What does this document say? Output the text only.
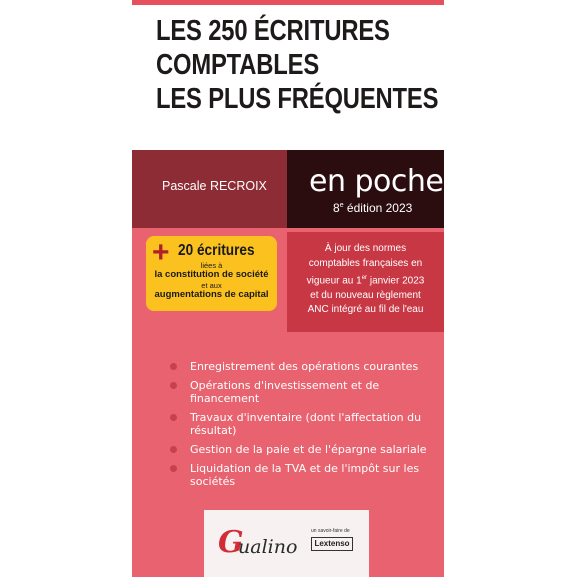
LES 250 ÉCRITURES
COMPTABLES
LES PLUS FRÉQUENTES
Pascale RECROIX en poche
8e édition 2023
+ 20 écritures
liées à
la constitution de société
et aux
augmentations de capital
À jour des normes
comptables françaises en
vigueur au 1er janvier 2023
et du nouveau règlement
ANC intégré au fil de l'eau
Enregistrement des opérations courantes
Opérations d'investissement et de financement
Travaux d'inventaire (dont l'affectation du résultat)
Gestion de la paie et de l'épargne salariale
Liquidation de la TVA et de l'impôt sur les sociétés
G
ualino
un savoir-faire de
Lextenso
